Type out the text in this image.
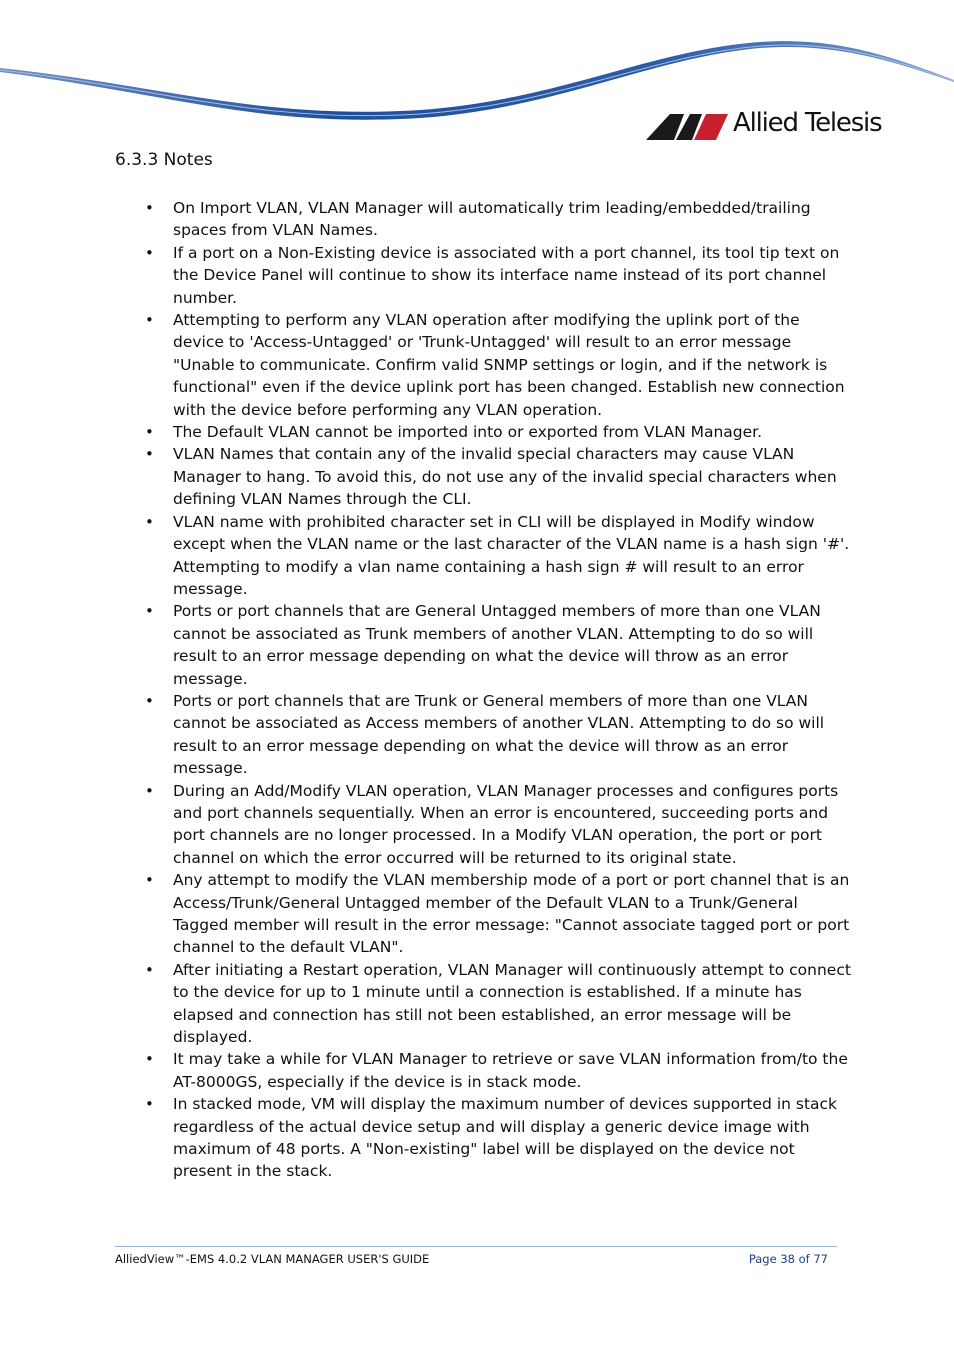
Allied Telesis
6.3.3 Notes
• On Import VLAN, VLAN Manager will automatically trim leading/embedded/trailing spaces from VLAN Names.
• If a port on a Non-Existing device is associated with a port channel, its tool tip text on the Device Panel will continue to show its interface name instead of its port channel number.
• Attempting to perform any VLAN operation after modifying the uplink port of the device to 'Access-Untagged' or 'Trunk-Untagged' will result to an error message "Unable to communicate. Confirm valid SNMP settings or login, and if the network is functional" even if the device uplink port has been changed. Establish new connection with the device before performing any VLAN operation.
• The Default VLAN cannot be imported into or exported from VLAN Manager.
• VLAN Names that contain any of the invalid special characters may cause VLAN Manager to hang. To avoid this, do not use any of the invalid special characters when defining VLAN Names through the CLI.
• VLAN name with prohibited character set in CLI will be displayed in Modify window except when the VLAN name or the last character of the VLAN name is a hash sign '#'. Attempting to modify a vlan name containing a hash sign # will result to an error message.
• Ports or port channels that are General Untagged members of more than one VLAN cannot be associated as Trunk members of another VLAN. Attempting to do so will result to an error message depending on what the device will throw as an error message.
• Ports or port channels that are Trunk or General members of more than one VLAN cannot be associated as Access members of another VLAN. Attempting to do so will result to an error message depending on what the device will throw as an error message.
• During an Add/Modify VLAN operation, VLAN Manager processes and configures ports and port channels sequentially. When an error is encountered, succeeding ports and port channels are no longer processed. In a Modify VLAN operation, the port or port channel on which the error occurred will be returned to its original state.
• Any attempt to modify the VLAN membership mode of a port or port channel that is an Access/Trunk/General Untagged member of the Default VLAN to a Trunk/General Tagged member will result in the error message: "Cannot associate tagged port or port channel to the default VLAN".
• After initiating a Restart operation, VLAN Manager will continuously attempt to connect to the device for up to 1 minute until a connection is established. If a minute has elapsed and connection has still not been established, an error message will be displayed.
• It may take a while for VLAN Manager to retrieve or save VLAN information from/to the AT-8000GS, especially if the device is in stack mode.
• In stacked mode, VM will display the maximum number of devices supported in stack regardless of the actual device setup and will display a generic device image with maximum of 48 ports. A "Non-existing" label will be displayed on the device not present in the stack.
AlliedView™-EMS 4.0.2 VLAN MANAGER USER'S GUIDE	Page 38 of 77
